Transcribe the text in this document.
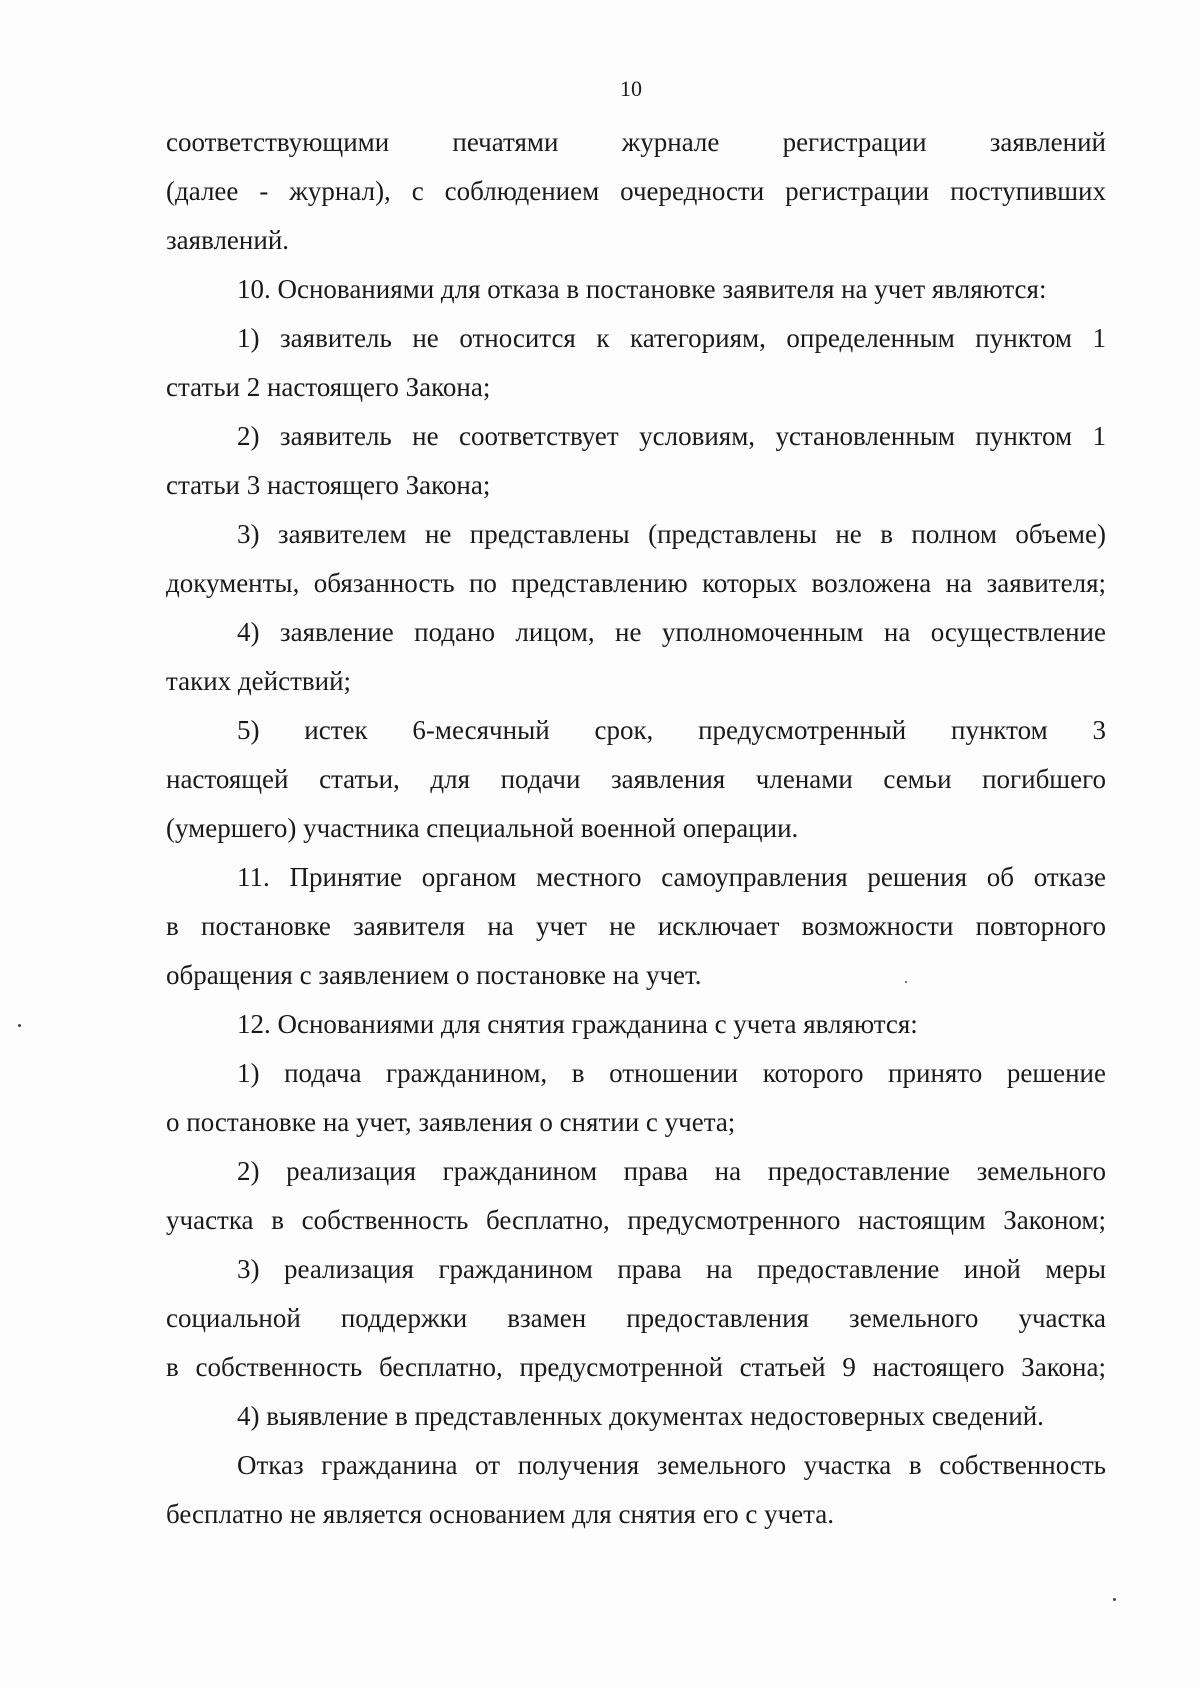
10
соответствующими печатями журнале регистрации заявлений
(далее - журнал), с соблюдением очередности регистрации поступивших
заявлений.
10. Основаниями для отказа в постановке заявителя на учет являются:
1) заявитель не относится к категориям, определенным пунктом 1
статьи 2 настоящего Закона;
2) заявитель не соответствует условиям, установленным пунктом 1
статьи 3 настоящего Закона;
3) заявителем не представлены (представлены не в полном объеме)
документы, обязанность по представлению которых возложена на заявителя;
4) заявление подано лицом, не уполномоченным на осуществление
таких действий;
5) истек 6-месячный срок, предусмотренный пунктом 3
настоящей статьи, для подачи заявления членами семьи погибшего
(умершего) участника специальной военной операции.
11. Принятие органом местного самоуправления решения об отказе
в постановке заявителя на учет не исключает возможности повторного
обращения с заявлением о постановке на учет.
12. Основаниями для снятия гражданина с учета являются:
1) подача гражданином, в отношении которого принято решение
о постановке на учет, заявления о снятии с учета;
2) реализация гражданином права на предоставление земельного
участка в собственность бесплатно, предусмотренного настоящим Законом;
3) реализация гражданином права на предоставление иной меры
социальной поддержки взамен предоставления земельного участка
в собственность бесплатно, предусмотренной статьей 9 настоящего Закона;
4) выявление в представленных документах недостоверных сведений.
Отказ гражданина от получения земельного участка в собственность
бесплатно не является основанием для снятия его с учета.
